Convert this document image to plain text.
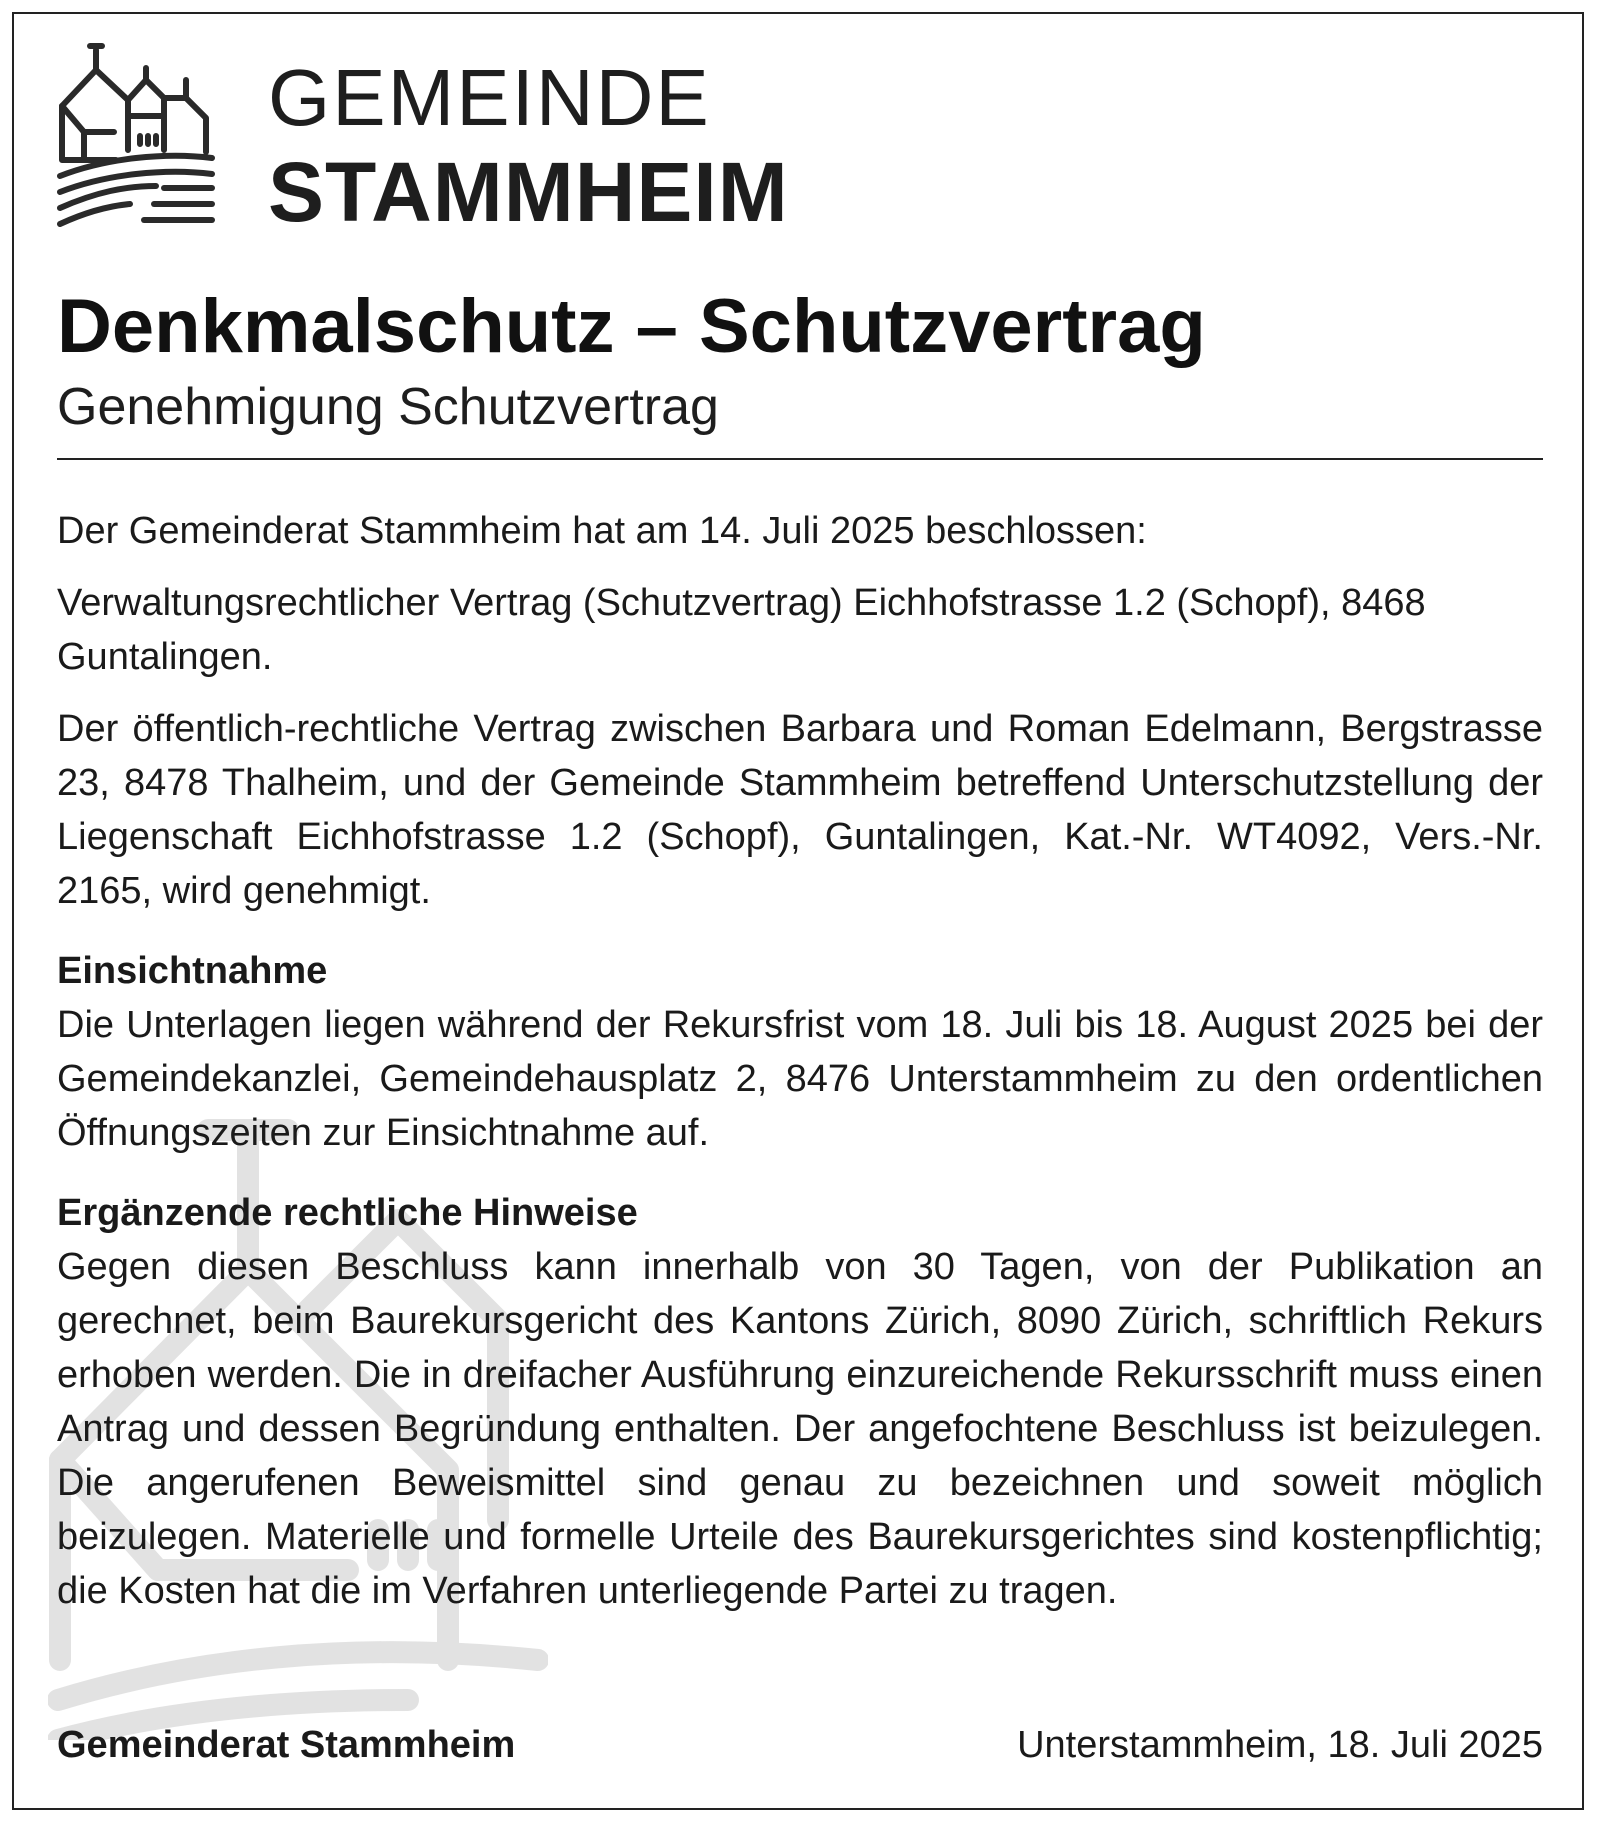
GEMEINDE
STAMMHEIM
Denkmalschutz – Schutzvertrag
Genehmigung Schutzvertrag

Der Gemeinderat Stammheim hat am 14. Juli 2025 beschlossen:

Verwaltungsrechtlicher Vertrag (Schutzvertrag) Eichhofstrasse 1.2 (Schopf), 8468 Guntalingen.

Der öffentlich-rechtliche Vertrag zwischen Barbara und Roman Edelmann, Bergstrasse 23, 8478 Thalheim, und der Gemeinde Stammheim betreffend Unterschutzstellung der Liegenschaft Eichhofstrasse 1.2 (Schopf), Guntalingen, Kat.-Nr. WT4092, Vers.-Nr. 2165, wird genehmigt.

Einsichtnahme

Die Unterlagen liegen während der Rekursfrist vom 18. Juli bis 18. August 2025 bei der Gemeindekanzlei, Gemeindehausplatz 2, 8476 Unterstammheim zu den ordentlichen Öffnungszeiten zur Einsichtnahme auf.

Ergänzende rechtliche Hinweise

Gegen diesen Beschluss kann innerhalb von 30 Tagen, von der Publikation an gerechnet, beim Baurekursgericht des Kantons Zürich, 8090 Zürich, schriftlich Rekurs erhoben werden. Die in dreifacher Ausführung einzureichende Rekursschrift muss einen Antrag und dessen Begründung enthalten. Der angefochtene Beschluss ist beizulegen. Die angerufenen Beweismittel sind genau zu bezeichnen und soweit möglich beizulegen. Materielle und formelle Urteile des Baurekursgerichtes sind kostenpflichtig; die Kosten hat die im Verfahren unterliegende Partei zu tragen.

Gemeinderat Stammheim	Unterstammheim, 18. Juli 2025
